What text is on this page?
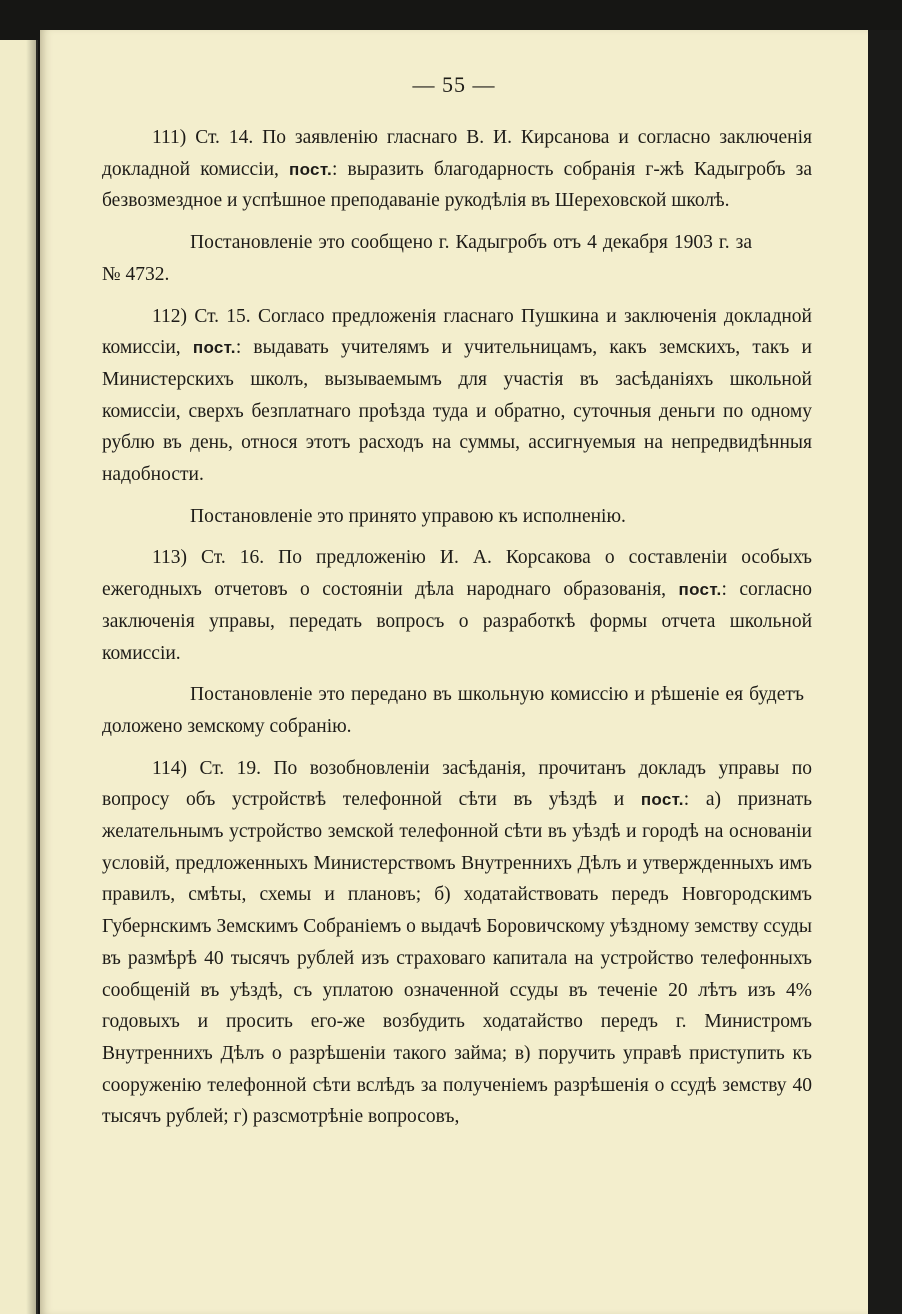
— 55 —

111) Ст. 14. По заявленію гласнаго В. И. Кирсанова и согласно заключенія докладной комиссіи, пост.: выразить благодарность собранія г-жѣ Кадыгробъ за безвозмездное и успѣшное преподаваніе рукодѣлія въ Шереховской школѣ.

Постановленіе это сообщено г. Кадыгробъ отъ 4 декабря 1903 г. за № 4732.

112) Ст. 15. Согласо предложенія гласнаго Пушкина и заключенія докладной комиссіи, пост.: выдавать учителямъ и учительницамъ, какъ земскихъ, такъ и Министерскихъ школъ, вызываемымъ для участія въ засѣданіяхъ школьной комиссіи, сверхъ безплатнаго проѣзда туда и обратно, суточныя деньги по одному рублю въ день, относя этотъ расходъ на суммы, ассигнуемыя на непредвидѣнныя надобности.

Постановленіе это принято управою къ исполненію.

113) Ст. 16. По предложенію И. А. Корсакова о составленіи особыхъ ежегодныхъ отчетовъ о состояніи дѣла народнаго образованія, пост.: согласно заключенія управы, передать вопросъ о разработкѣ формы отчета школьной комиссіи.

Постановленіе это передано въ школьную комиссію и рѣшеніе ея будетъ доложено земскому собранію.

114) Ст. 19. По возобновленіи засѣданія, прочитанъ докладъ управы по вопросу объ устройствѣ телефонной сѣти въ уѣздѣ и пост.: а) признать желательнымъ устройство земской телефонной сѣти въ уѣздѣ и городѣ на основаніи условій, предложенныхъ Министерствомъ Внутреннихъ Дѣлъ и утвержденныхъ имъ правилъ, смѣты, схемы и плановъ; б) ходатайствовать передъ Новгородскимъ Губернскимъ Земскимъ Собраніемъ о выдачѣ Боровичскому уѣздному земству ссуды въ размѣрѣ 40 тысячъ рублей изъ страховаго капитала на устройство телефонныхъ сообщеній въ уѣздѣ, съ уплатою означенной ссуды въ теченіе 20 лѣтъ изъ 4% годовыхъ и просить его-же возбудить ходатайство передъ г. Министромъ Внутреннихъ Дѣлъ о разрѣшеніи такого займа; в) поручить управѣ приступить къ сооруженію телефонной сѣти вслѣдъ за полученіемъ разрѣшенія о ссудѣ земству 40 тысячъ рублей; г) разсмотрѣніе вопросовъ,
